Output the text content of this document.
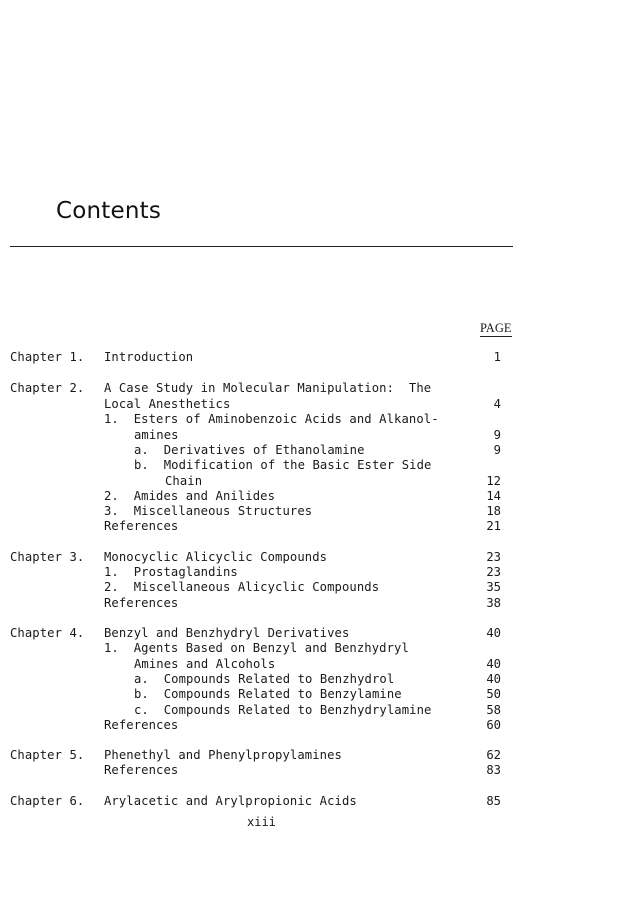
Contents
PAGE
Chapter 1. Introduction	1
Chapter 2. A Case Study in Molecular Manipulation:  The
Local Anesthetics	4
1.  Esters of Aminobenzoic Acids and Alkanol-
amines	9
a.  Derivatives of Ethanolamine	9
b.  Modification of the Basic Ester Side
Chain	12
2.  Amides and Anilides	14
3.  Miscellaneous Structures	18
References	21
Chapter 3. Monocyclic Alicyclic Compounds	23
1.  Prostaglandins	23
2.  Miscellaneous Alicyclic Compounds	35
References	38
Chapter 4. Benzyl and Benzhydryl Derivatives	40
1.  Agents Based on Benzyl and Benzhydryl
Amines and Alcohols	40
a.  Compounds Related to Benzhydrol	40
b.  Compounds Related to Benzylamine	50
c.  Compounds Related to Benzhydrylamine	58
References	60
Chapter 5. Phenethyl and Phenylpropylamines	62
References	83
Chapter 6. Arylacetic and Arylpropionic Acids	85
xiii
